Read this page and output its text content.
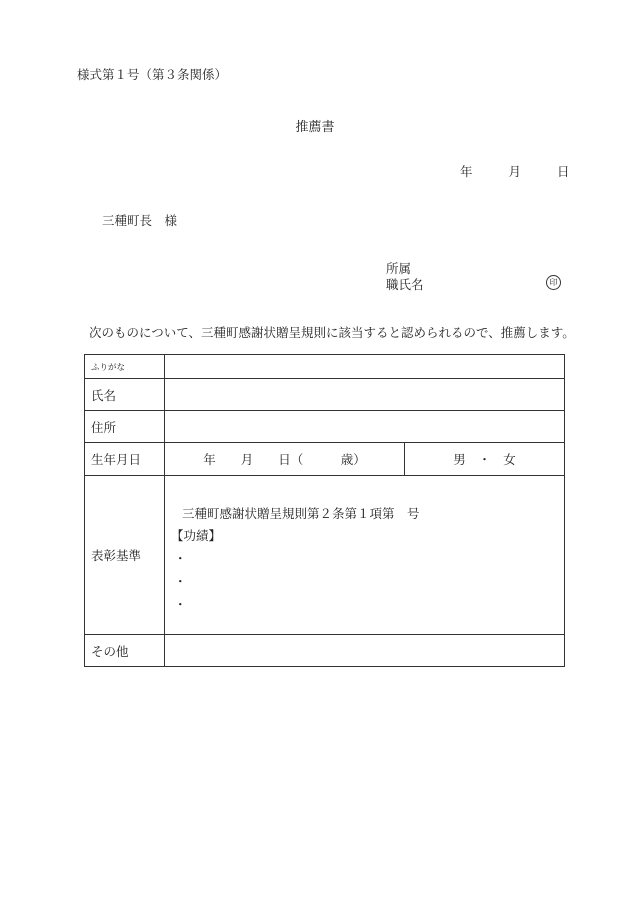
様式第１号（第３条関係）
推薦書
年	月	日
三種町長　様
所属
職氏名	印
次のものについて、三種町感謝状贈呈規則に該当すると認められるので、推薦します。
ふりがな		
氏名		
住所		
生年月日	年　　月　　日（　　　歳）	男　・　女
表彰基準	三種町感謝状贈呈規則第２条第１項第　号
【功績】
・
・
・	

その他		
